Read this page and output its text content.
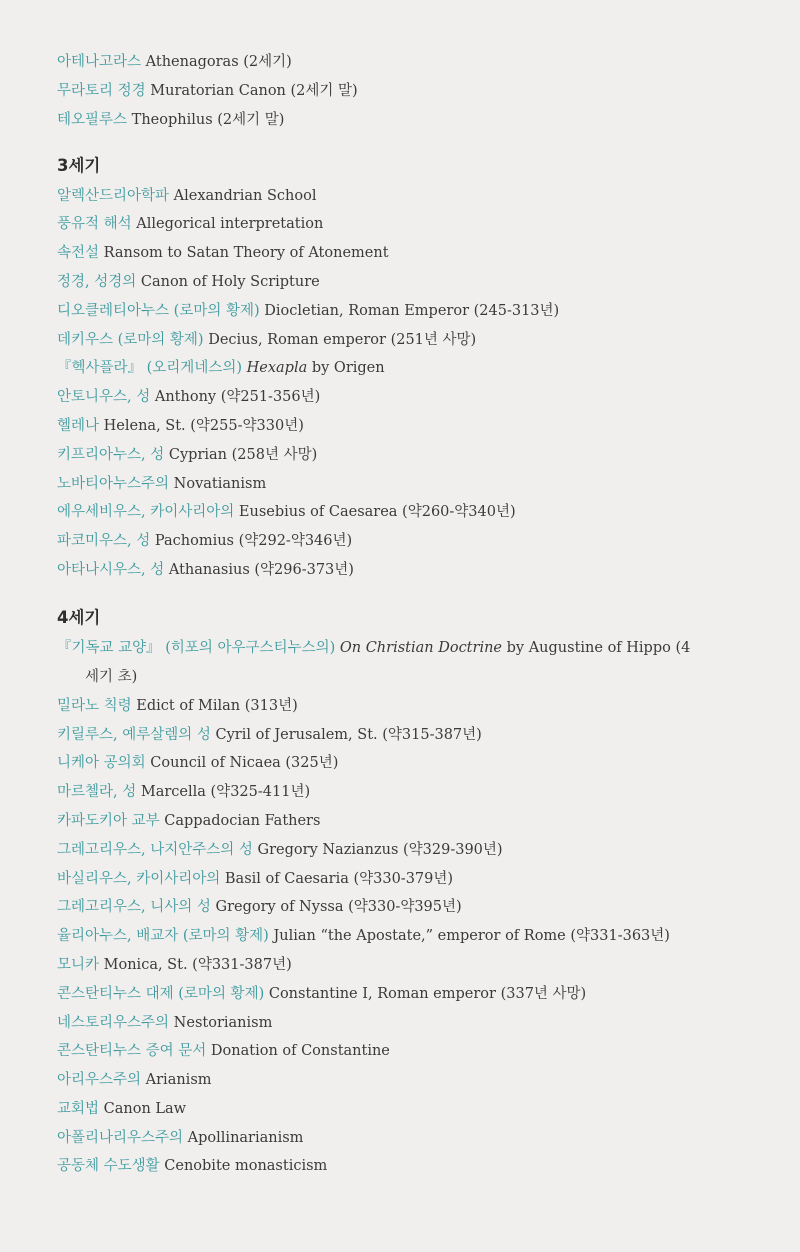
아테나고라스 Athenagoras (2세기)
무라토리 정경 Muratorian Canon (2세기 말)
테오필루스 Theophilus (2세기 말)
3세기
알렉산드리아학파 Alexandrian School
풍유적 해석 Allegorical interpretation
속전설 Ransom to Satan Theory of Atonement
정경, 성경의 Canon of Holy Scripture
디오클레티아누스 (로마의 황제) Diocletian, Roman Emperor (245-313년)
데키우스 (로마의 황제) Decius, Roman emperor (251년 사망)
『헥사플라』 (오리게네스의) Hexapla by Origen
안토니우스, 성 Anthony (약251-356년)
헬레나 Helena, St. (약255-약330년)
키프리아누스, 성 Cyprian (258년 사망)
노바티아누스주의 Novatianism
에우세비우스, 카이사리아의 Eusebius of Caesarea (약260-약340년)
파코미우스, 성 Pachomius (약292-약346년)
아타나시우스, 성 Athanasius (약296-373년)
4세기
『기독교 교양』 (히포의 아우구스티누스의) On Christian Doctrine by Augustine of Hippo (4
세기 초)
밀라노 칙령 Edict of Milan (313년)
키릴루스, 예루살렘의 성 Cyril of Jerusalem, St. (약315-387년)
니케아 공의회 Council of Nicaea (325년)
마르첼라, 성 Marcella (약325-411년)
카파도키아 교부 Cappadocian Fathers
그레고리우스, 나지안주스의 성 Gregory Nazianzus (약329-390년)
바실리우스, 카이사리아의 Basil of Caesaria (약330-379년)
그레고리우스, 니사의 성 Gregory of Nyssa (약330-약395년)
율리아누스, 배교자 (로마의 황제) Julian “the Apostate,” emperor of Rome (약331-363년)
모니카 Monica, St. (약331-387년)
콘스탄티누스 대제 (로마의 황제) Constantine I, Roman emperor (337년 사망)
네스토리우스주의 Nestorianism
콘스탄티누스 증여 문서 Donation of Constantine
아리우스주의 Arianism
교회법 Canon Law
아폴리나리우스주의 Apollinarianism
공동체 수도생활 Cenobite monasticism
